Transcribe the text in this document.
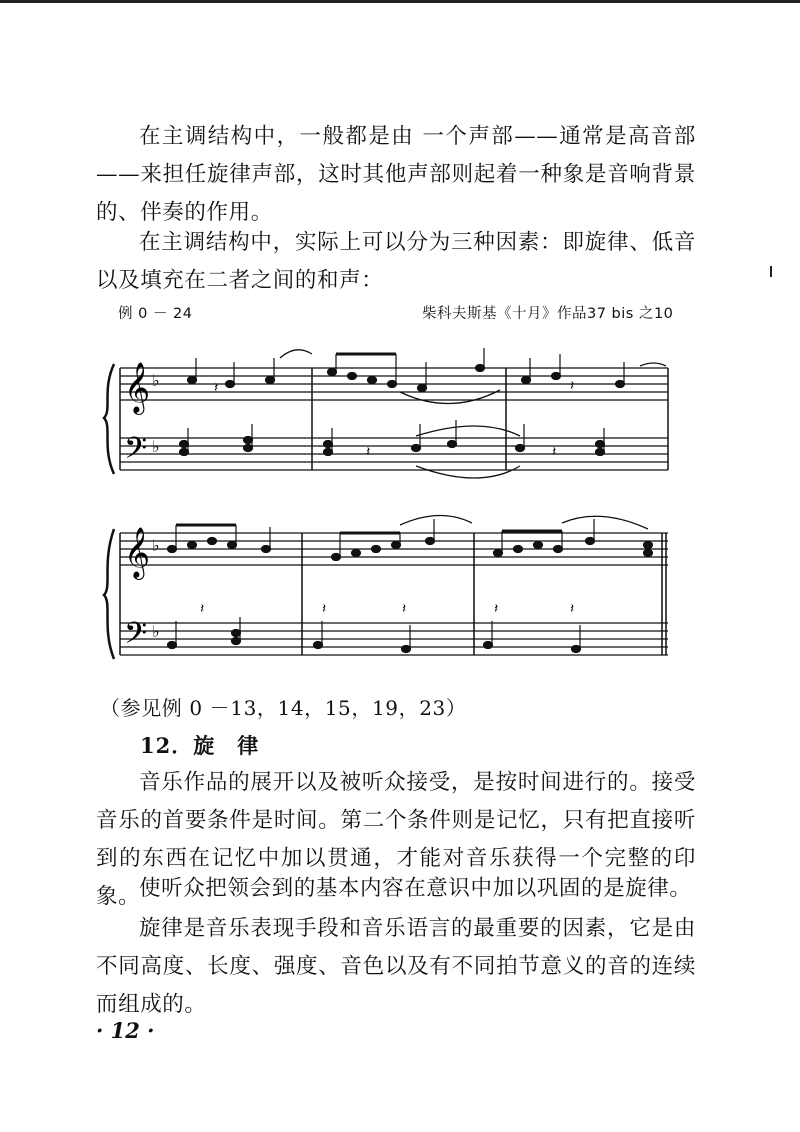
在主调结构中，一般都是由 一个声部——通常是高音部——来担任旋律声部，这时其他声部则起着一种象是音响背景的、伴奏的作用。

在主调结构中，实际上可以分为三种因素：即旋律、低音以及填充在二者之间的和声：

例 0 － 24	柴科夫斯基《十月》作品37 bis 之10
𝄞
𝄢
♭
♭
𝄽
𝄽
𝄽
𝄽
𝄞
𝄢
♭
♭
𝄽	𝄽	𝄽	𝄽	𝄽
（参见例 0 －13，14，15，19，23）
12．旋　律

音乐作品的展开以及被听众接受，是按时间进行的。接受音乐的首要条件是时间。第二个条件则是记忆，只有把直接听到的东西在记忆中加以贯通，才能对音乐获得一个完整的印象。

使听众把领会到的基本内容在意识中加以巩固的是旋律。

旋律是音乐表现手段和音乐语言的最重要的因素，它是由不同高度、长度、强度、音色以及有不同拍节意义的音的连续而组成的。

· 12 ·
